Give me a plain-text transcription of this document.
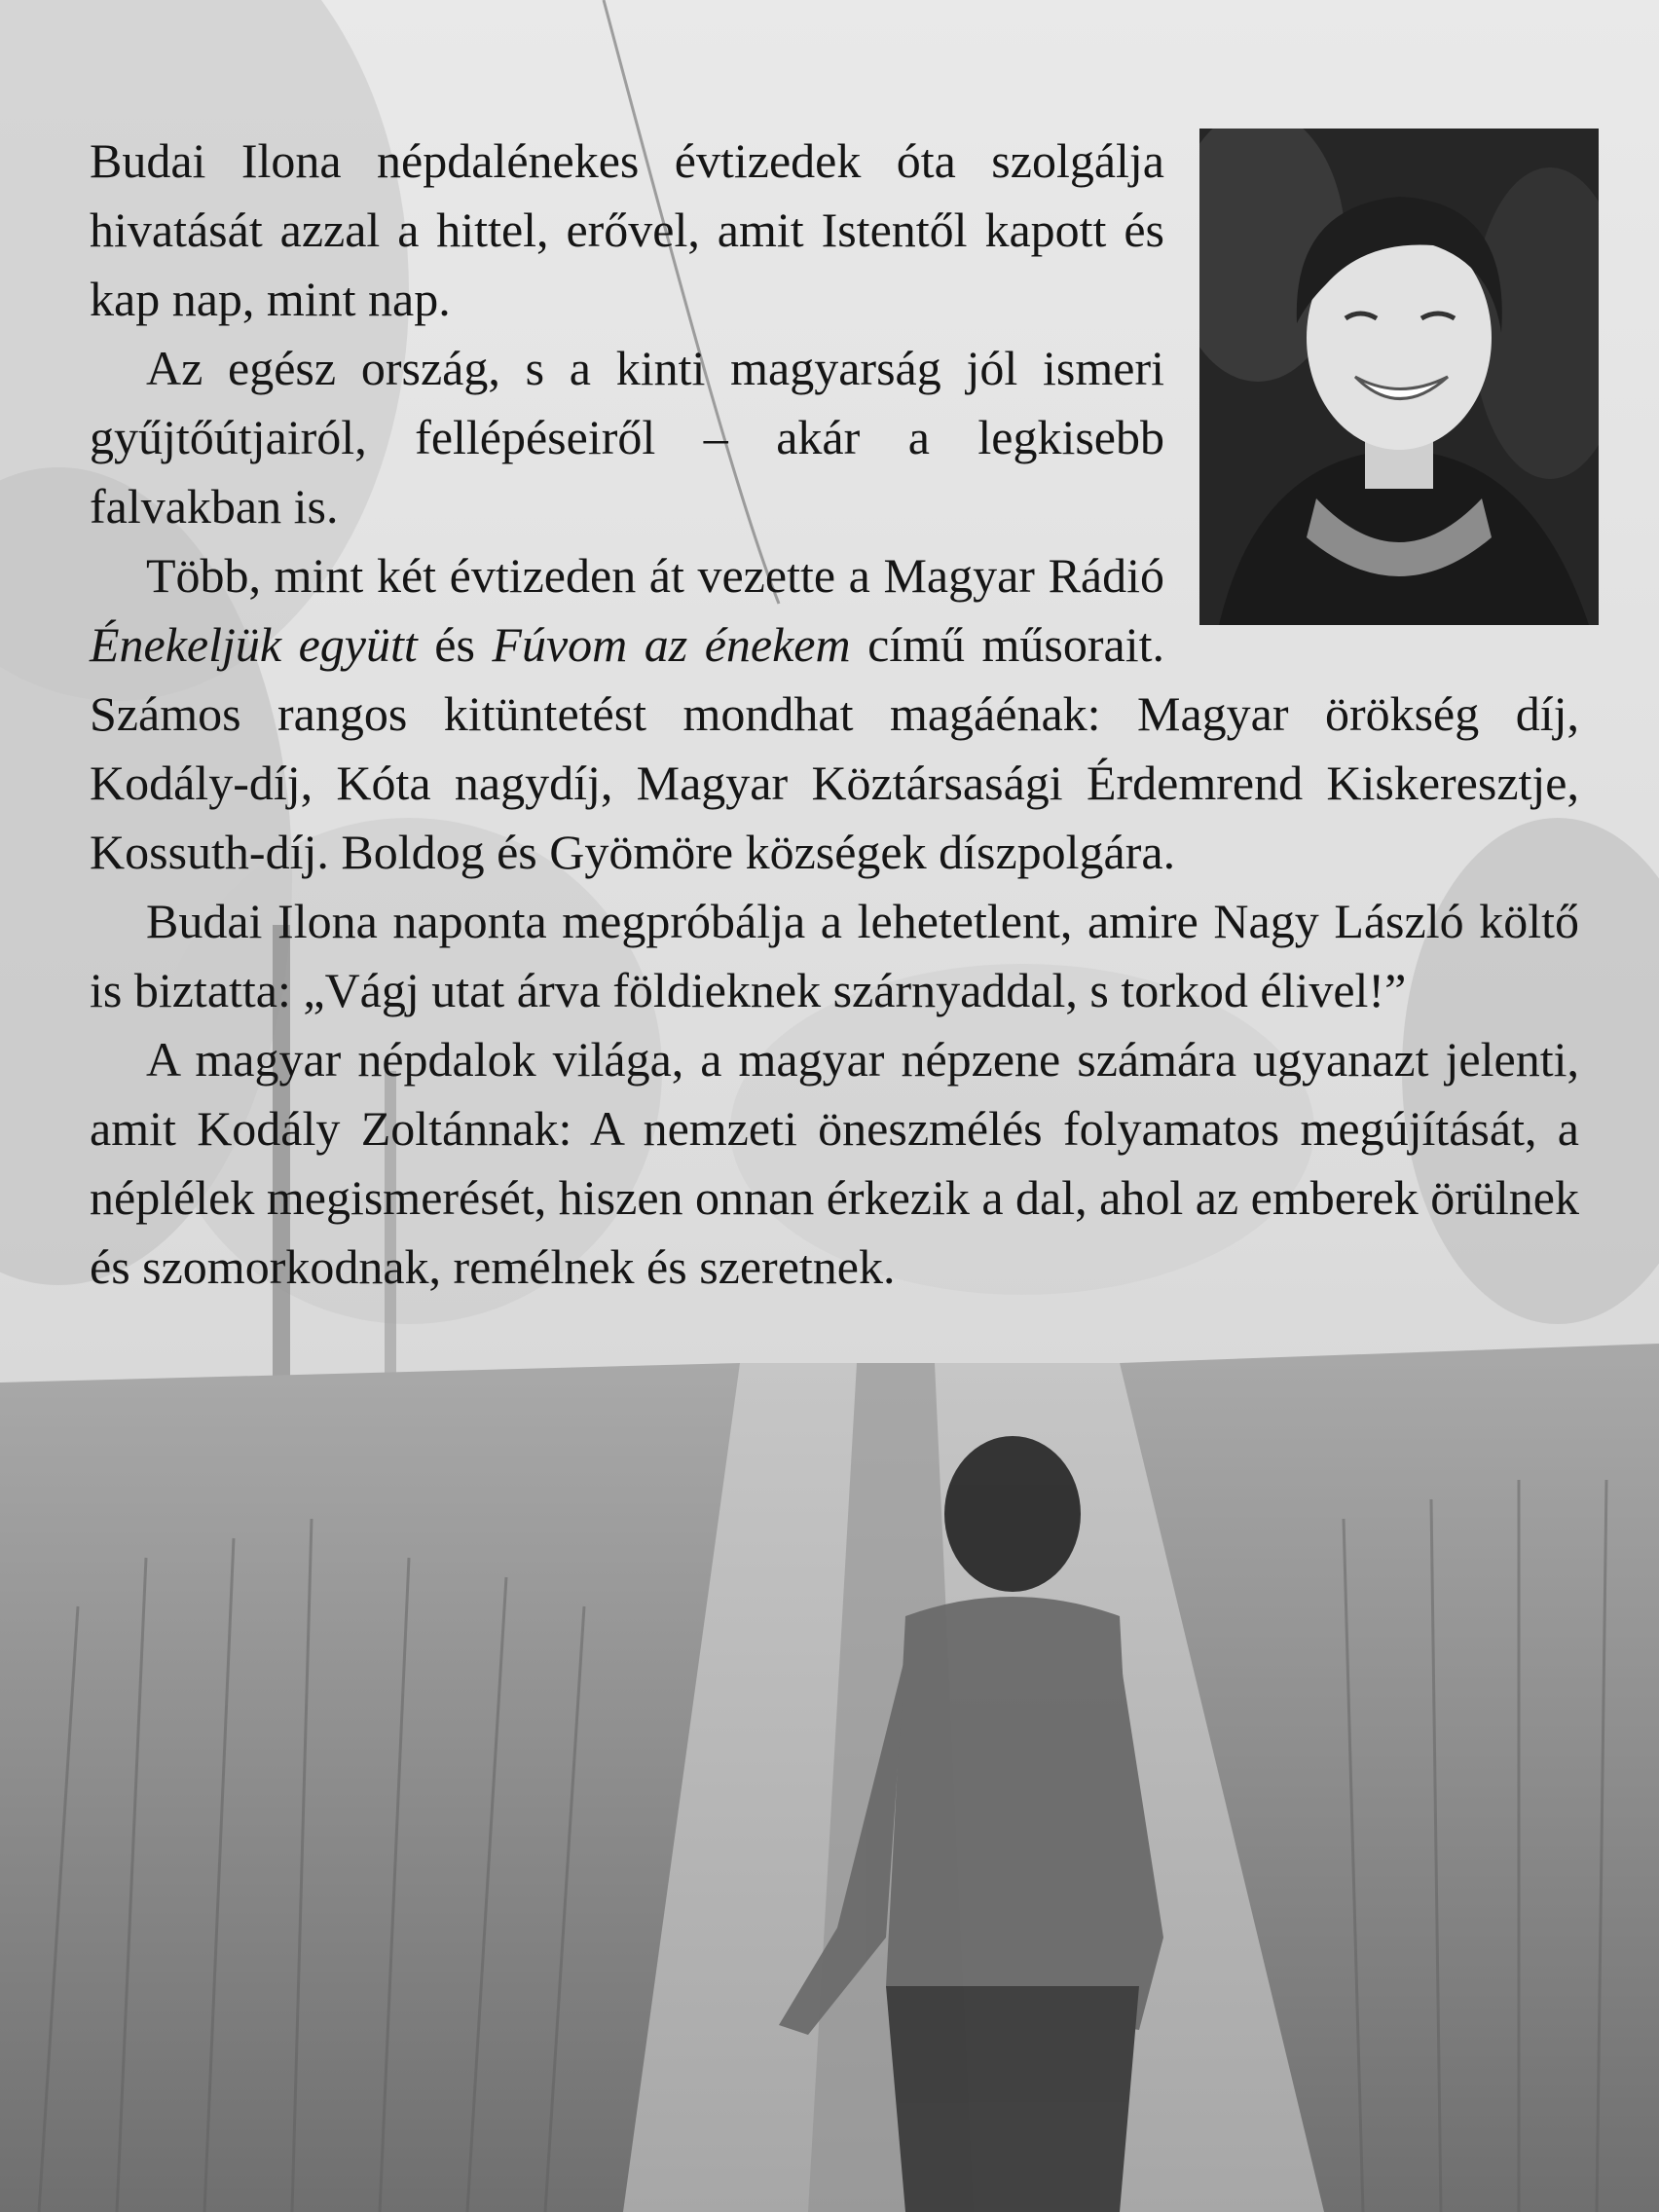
Budai Ilona népdalénekes évtizedek óta szolgálja hivatását azzal a hittel, erővel, amit Istentől kapott és kap nap, mint nap.

Az egész ország, s a kinti magyarság jól ismeri gyűjtőútjairól, fellépéseiről – akár a legkisebb falvakban is.

Több, mint két évtizeden át vezette a Magyar Rádió Énekeljük együtt és Fúvom az énekem című műsorait. Számos rangos kitüntetést mondhat magáénak: Magyar örökség díj, Kodály-díj, Kóta nagydíj, Magyar Köztársasági Érdemrend Kiskeresztje, Kossuth-díj. Boldog és Gyömöre községek díszpolgára.

Budai Ilona naponta megpróbálja a lehetetlent, amire Nagy László költő is biztatta: „Vágj utat árva földieknek szárnyaddal, s torkod élivel!”

A magyar népdalok világa, a magyar népzene számára ugyanazt jelenti, amit Kodály Zoltánnak: A nemzeti öneszmélés folyamatos megújítását, a néplélek megismerését, hiszen onnan érkezik a dal, ahol az emberek örülnek és szomorkodnak, remélnek és szeretnek.
